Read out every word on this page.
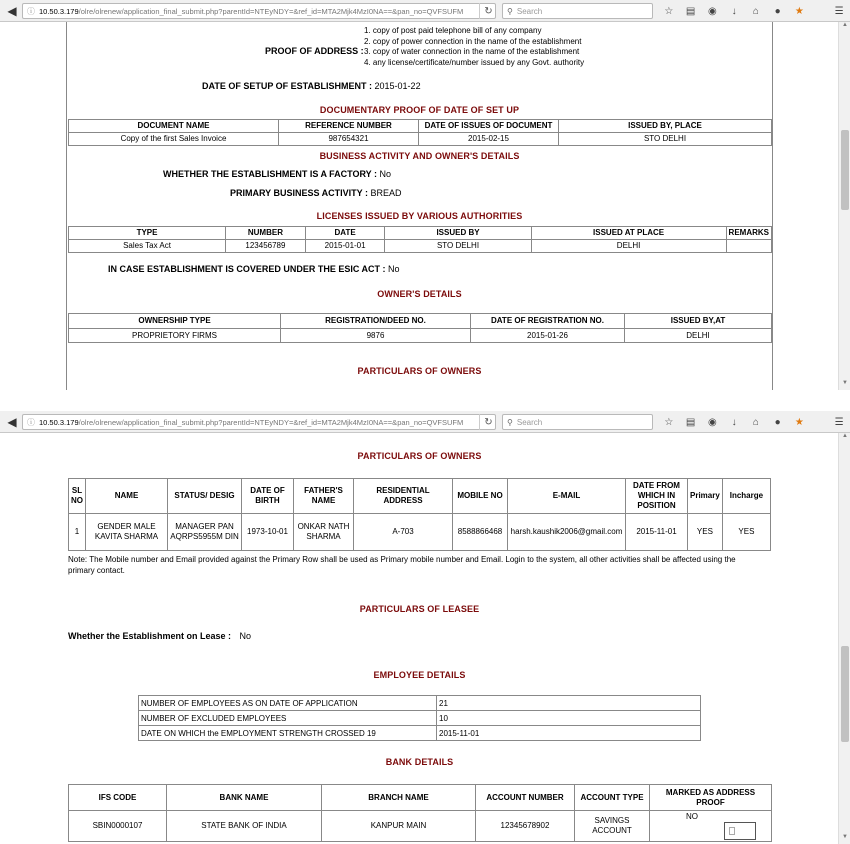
◀	ⓘ 10.50.3.179 /olre/olrenew/application_final_submit.php?parentId=NTEyNDY=&ref_id=MTA2Mjk4MzI0NA==&pan_no=QVFSUFM	↻	⚲ Search	☆	▤	◉	↓	⌂	●	★	☰
PROOF OF ADDRESS :
1. copy of post paid telephone bill of any company
2. copy of power connection in the name of the establishment
3. copy of water connection in the name of the establishment
4. any license/certificate/number issued by any Govt. authority
DATE OF SETUP OF ESTABLISHMENT : 2015-01-22
DOCUMENTARY PROOF OF DATE OF SET UP
DOCUMENT NAME	REFERENCE NUMBER	DATE OF ISSUES OF DOCUMENT	ISSUED BY, PLACE
Copy of the first Sales Invoice	987654321	2015-02-15	STO DELHI
BUSINESS ACTIVITY AND OWNER'S DETAILS
WHETHER THE ESTABLISHMENT IS A FACTORY : No
PRIMARY BUSINESS ACTIVITY : BREAD
LICENSES ISSUED BY VARIOUS AUTHORITIES
TYPE	NUMBER	DATE	ISSUED BY	ISSUED AT PLACE	REMARKS
Sales Tax Act	123456789	2015-01-01	STO DELHI	DELHI	
IN CASE ESTABLISHMENT IS COVERED UNDER THE ESIC ACT : No
OWNER'S DETAILS
OWNERSHIP TYPE	REGISTRATION/DEED NO.	DATE OF REGISTRATION NO.	ISSUED BY,AT
PROPRIETORY FIRMS	9876	2015-01-26	DELHI
PARTICULARS OF OWNERS
▲
▼
◀	ⓘ 10.50.3.179 /olre/olrenew/application_final_submit.php?parentId=NTEyNDY=&ref_id=MTA2Mjk4MzI0NA==&pan_no=QVFSUFM	↻	⚲ Search	☆	▤	◉	↓	⌂	●	★	☰
PARTICULARS OF OWNERS
SL NO	NAME	STATUS/ DESIG	DATE OF BIRTH	FATHER'S NAME	RESIDENTIAL ADDRESS	MOBILE NO	E-MAIL	DATE FROM WHICH IN POSITION	Primary	Incharge
1	GENDER MALE KAVITA SHARMA	MANAGER PAN AQRPS5955M DIN	1973-10-01	ONKAR NATH SHARMA	A-703	8588866468	harsh.kaushik2006@gmail.com	2015-11-01	YES	YES
Note: The Mobile number and Email provided against the Primary Row shall be used as Primary mobile number and Email. Login to the system, all other activities shall be affected using the primary contact.
PARTICULARS OF LEASEE
Whether the Establishment on Lease : No
EMPLOYEE DETAILS
NUMBER OF EMPLOYEES AS ON DATE OF APPLICATION	21
NUMBER OF EXCLUDED EMPLOYEES	10
DATE ON WHICH the EMPLOYMENT STRENGTH CROSSED 19	2015-11-01
BANK DETAILS
IFS CODE	BANK NAME	BRANCH NAME	ACCOUNT NUMBER	ACCOUNT TYPE	MARKED AS ADDRESS PROOF
SBIN0000107	STATE BANK OF INDIA	KANPUR MAIN	12345678902	SAVINGS ACCOUNT	NO
▲
▼
